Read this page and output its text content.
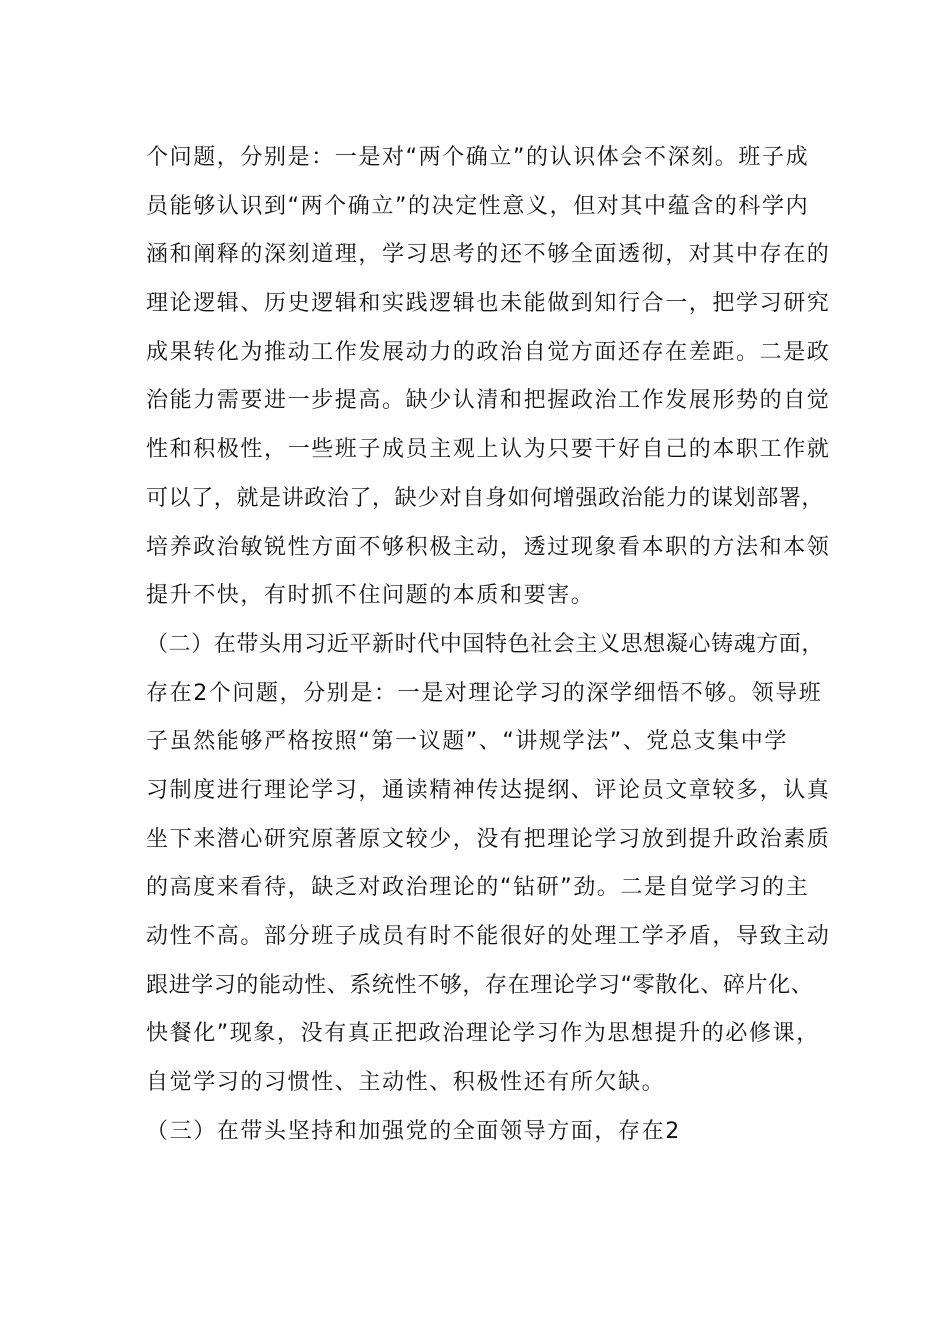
个问题，分别是：一是对“两个确立”的认识体会不深刻。班子成
员能够认识到“两个确立”的决定性意义，但对其中蕴含的科学内
涵和阐释的深刻道理，学习思考的还不够全面透彻，对其中存在的
理论逻辑、历史逻辑和实践逻辑也未能做到知行合一，把学习研究
成果转化为推动工作发展动力的政治自觉方面还存在差距。二是政
治能力需要进一步提高。缺少认清和把握政治工作发展形势的自觉
性和积极性，一些班子成员主观上认为只要干好自己的本职工作就
可以了，就是讲政治了，缺少对自身如何增强政治能力的谋划部署，
培养政治敏锐性方面不够积极主动，透过现象看本职的方法和本领
提升不快，有时抓不住问题的本质和要害。
（二）在带头用习近平新时代中国特色社会主义思想凝心铸魂方面，
存在2个问题，分别是：一是对理论学习的深学细悟不够。领导班
子虽然能够严格按照“第一议题”、“讲规学法”、党总支集中学
习制度进行理论学习，通读精神传达提纲、评论员文章较多，认真
坐下来潜心研究原著原文较少，没有把理论学习放到提升政治素质
的高度来看待，缺乏对政治理论的“钻研”劲。二是自觉学习的主
动性不高。部分班子成员有时不能很好的处理工学矛盾，导致主动
跟进学习的能动性、系统性不够，存在理论学习“零散化、碎片化、
快餐化”现象，没有真正把政治理论学习作为思想提升的必修课，
自觉学习的习惯性、主动性、积极性还有所欠缺。
（三）在带头坚持和加强党的全面领导方面，存在2
